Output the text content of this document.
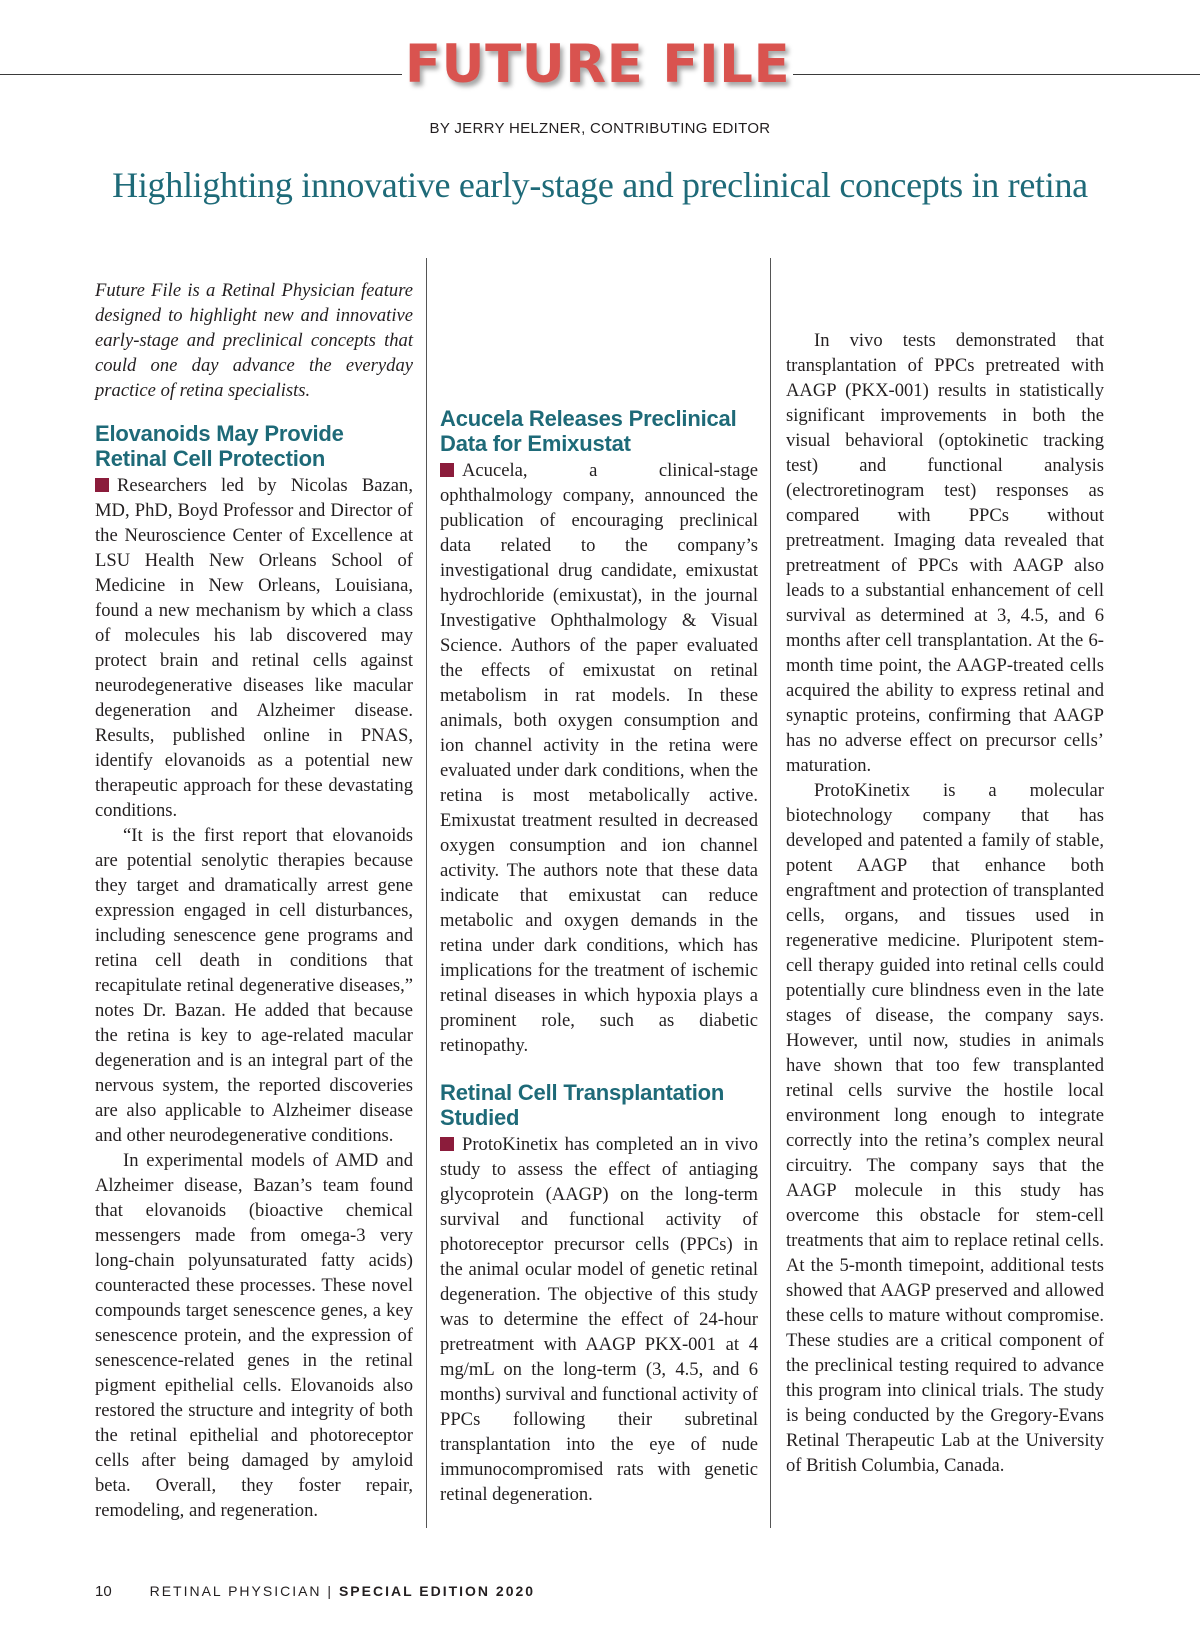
FUTURE FILE
BY JERRY HELZNER, CONTRIBUTING EDITOR
Highlighting innovative early-stage and preclinical concepts in retina

Future File is a Retinal Physician feature designed to highlight new and innovative early-stage and preclinical concepts that could one day advance the everyday practice of retina specialists.

Elovanoids May Provide Retinal Cell Protection

Researchers led by Nicolas Bazan, MD, PhD, Boyd Professor and Director of the Neuroscience Center of Excellence at LSU Health New Orleans School of Medicine in New Orleans, Louisiana, found a new mechanism by which a class of molecules his lab discovered may protect brain and retinal cells against neurodegenerative diseases like macular degeneration and Alzheimer disease. Results, published online in PNAS, identify elovanoids as a potential new therapeutic approach for these devastating conditions.

“It is the first report that elovanoids are potential senolytic therapies because they target and dramatically arrest gene expression engaged in cell disturbances, including senescence gene programs and retina cell death in conditions that recapitulate retinal degenerative diseases,” notes Dr. Bazan. He added that because the retina is key to age-related macular degeneration and is an integral part of the nervous system, the reported discoveries are also applicable to Alzheimer disease and other neurodegenerative conditions.

In experimental models of AMD and Alzheimer disease, Bazan’s team found that elovanoids (bioactive chemical messengers made from omega-3 very long-chain polyunsaturated fatty acids) counteracted these processes. These novel compounds target senescence genes, a key senescence protein, and the expression of senescence-related genes in the retinal pigment epithelial cells. Elovanoids also restored the structure and integrity of both the retinal epithelial and photoreceptor cells after being damaged by amyloid beta. Overall, they foster repair, remodeling, and regeneration.

Acucela Releases Preclinical Data for Emixustat

Acucela, a clinical-stage ophthalmology company, announced the publication of encouraging preclinical data related to the company’s investigational drug candidate, emixustat hydrochloride (emixustat), in the journal Investigative Ophthalmology & Visual Science. Authors of the paper evaluated the effects of emixustat on retinal metabolism in rat models. In these animals, both oxygen consumption and ion channel activity in the retina were evaluated under dark conditions, when the retina is most metabolically active. Emixustat treatment resulted in decreased oxygen consumption and ion channel activity. The authors note that these data indicate that emixustat can reduce metabolic and oxygen demands in the retina under dark conditions, which has implications for the treatment of ischemic retinal diseases in which hypoxia plays a prominent role, such as diabetic retinopathy.

Retinal Cell Transplantation Studied

ProtoKinetix has completed an in vivo study to assess the effect of antiaging glycoprotein (AAGP) on the long-term survival and functional activity of photoreceptor precursor cells (PPCs) in the animal ocular model of genetic retinal degeneration. The objective of this study was to determine the effect of 24-hour pretreatment with AAGP PKX-001 at 4 mg/mL on the long-term (3, 4.5, and 6 months) survival and functional activity of PPCs following their subretinal transplantation into the eye of nude immunocompromised rats with genetic retinal degeneration.

In vivo tests demonstrated that transplantation of PPCs pretreated with AAGP (PKX-001) results in statistically significant improvements in both the visual behavioral (optokinetic tracking test) and functional analysis (electroretinogram test) responses as compared with PPCs without pretreatment. Imaging data revealed that pretreatment of PPCs with AAGP also leads to a substantial enhancement of cell survival as determined at 3, 4.5, and 6 months after cell transplantation. At the 6-month time point, the AAGP-treated cells acquired the ability to express retinal and synaptic proteins, confirming that AAGP has no adverse effect on precursor cells’ maturation.

ProtoKinetix is a molecular biotechnology company that has developed and patented a family of stable, potent AAGP that enhance both engraftment and protection of transplanted cells, organs, and tissues used in regenerative medicine. Pluripotent stem-cell therapy guided into retinal cells could potentially cure blindness even in the late stages of disease, the company says. However, until now, studies in animals have shown that too few transplanted retinal cells survive the hostile local environment long enough to integrate correctly into the retina’s complex neural circuitry. The company says that the AAGP molecule in this study has overcome this obstacle for stem-cell treatments that aim to replace retinal cells. At the 5-month timepoint, additional tests showed that AAGP preserved and allowed these cells to mature without compromise. These studies are a critical component of the preclinical testing required to advance this program into clinical trials. The study is being conducted by the Gregory-Evans Retinal Therapeutic Lab at the University of British Columbia, Canada.

10	RETINAL PHYSICIAN | SPECIAL EDITION 2020
